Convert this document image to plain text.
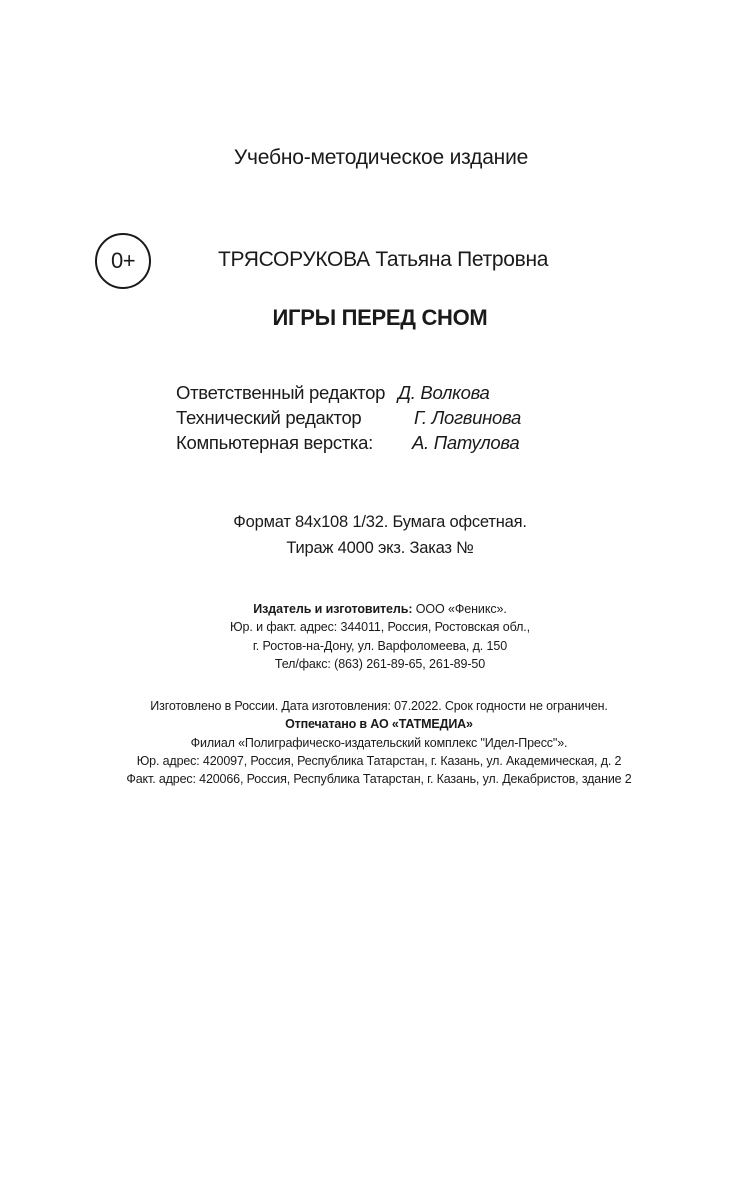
Учебно-методическое издание
0+	ТРЯСОРУКОВА Татьяна Петровна
ИГРЫ ПЕРЕД СНОМ
Ответственный редактор Д. Волкова
Технический редактор	Г. Логвинова
Компьютерная верстка: А. Патулова
Формат 84x108 1/32. Бумага офсетная.
Тираж 4000 экз. Заказ №
Издатель и изготовитель: ООО «Феникс».
Юр. и факт. адрес: 344011, Россия, Ростовская обл.,
г. Ростов-на-Дону, ул. Варфоломеева, д. 150
Тел/факс: (863) 261-89-65, 261-89-50
Изготовлено в России. Дата изготовления: 07.2022. Срок годности не ограничен.
Отпечатано в АО «ТАТМЕДИА»
Филиал «Полиграфическо-издательский комплекс "Идел-Пресс"».
Юр. адрес: 420097, Россия, Республика Татарстан, г. Казань, ул. Академическая, д. 2
Факт. адрес: 420066, Россия, Республика Татарстан, г. Казань, ул. Декабристов, здание 2
